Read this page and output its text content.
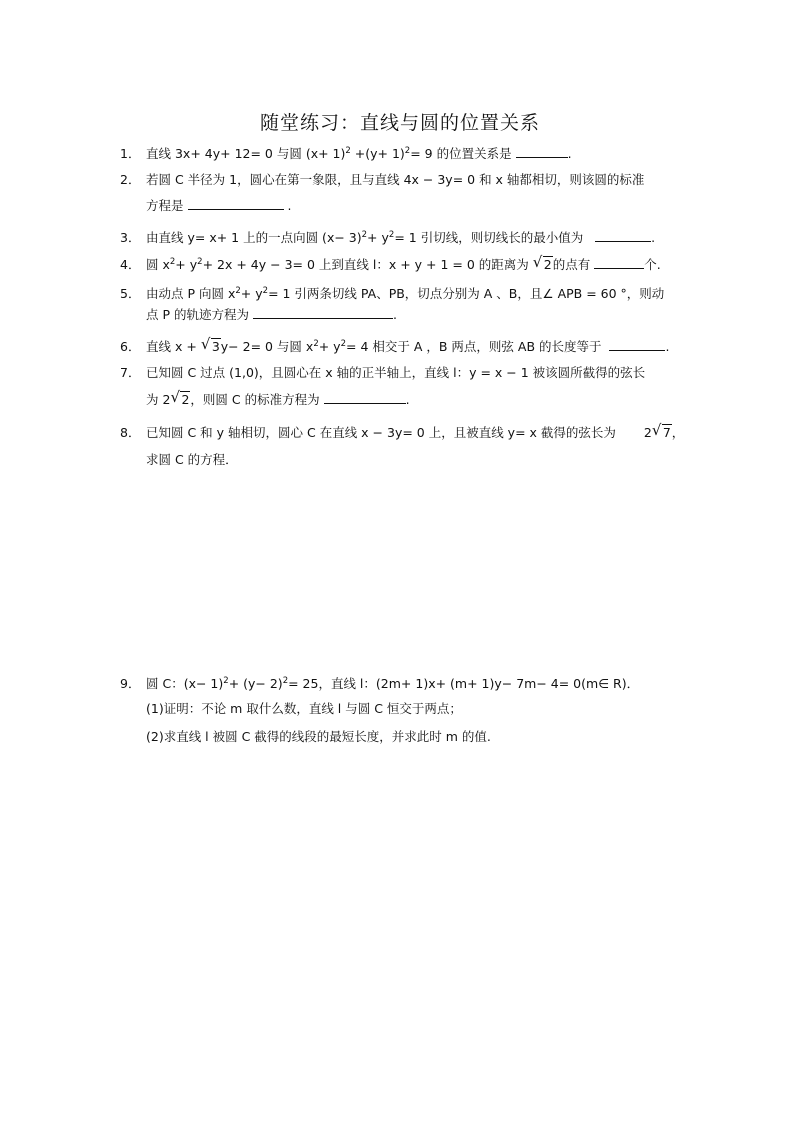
随堂练习：直线与圆的位置关系
1． 直线 3x+ 4y+ 12= 0 与圆 $(x+ 1)^2 +(y+ 1)^2= 9$ 的位置关系是	.
2． 若圆 C 半径为 1，圆心在第一象限，且与直线 4x − 3y= 0 和 x 轴都相切，则该圆的标准
方程是	.
3． 由直线 y= x+ 1 上的一点向圆 $(x- 3)^2+ y^2= 1$ 引切线，则切线长的最小值为	.
4． 圆 $x^2+ y^2+ 2x + 4y - 3= 0$ 上到直线 l：x + y + 1 = 0 的距离为 √ 2的点有	个.
5． 由动点 P 向圆 $x^2+ y^2= 1$ 引两条切线 PA、PB，切点分别为 A 、B，且∠ APB = 60 °，则动
点 P 的轨迹方程为	.
6． 直线 x + √ 3y− 2= 0 与圆 $x^2+ y^2= 4$ 相交于 A ，B 两点，则弦 AB 的长度等于	.
7． 已知圆 C 过点 (1,0)，且圆心在 x 轴的正半轴上，直线 l：y = x − 1 被该圆所截得的弦长
为 2 √ 2，则圆 C 的标准方程为	.
8． 已知圆 C 和 y 轴相切，圆心 C 在直线 x − 3y= 0 上，且被直线 y= x 截得的弦长为 2 √ 7，
求圆 C 的方程．
9． 圆 C：$(x- 1)^2+ (y- 2)^2= 25$，直线 l：(2m+ 1)x+ (m+ 1)y− 7m− 4= 0(m∈ R)．
(1)证明：不论 m 取什么数，直线 l 与圆 C 恒交于两点；
(2)求直线 l 被圆 C 截得的线段的最短长度，并求此时 m 的值.
